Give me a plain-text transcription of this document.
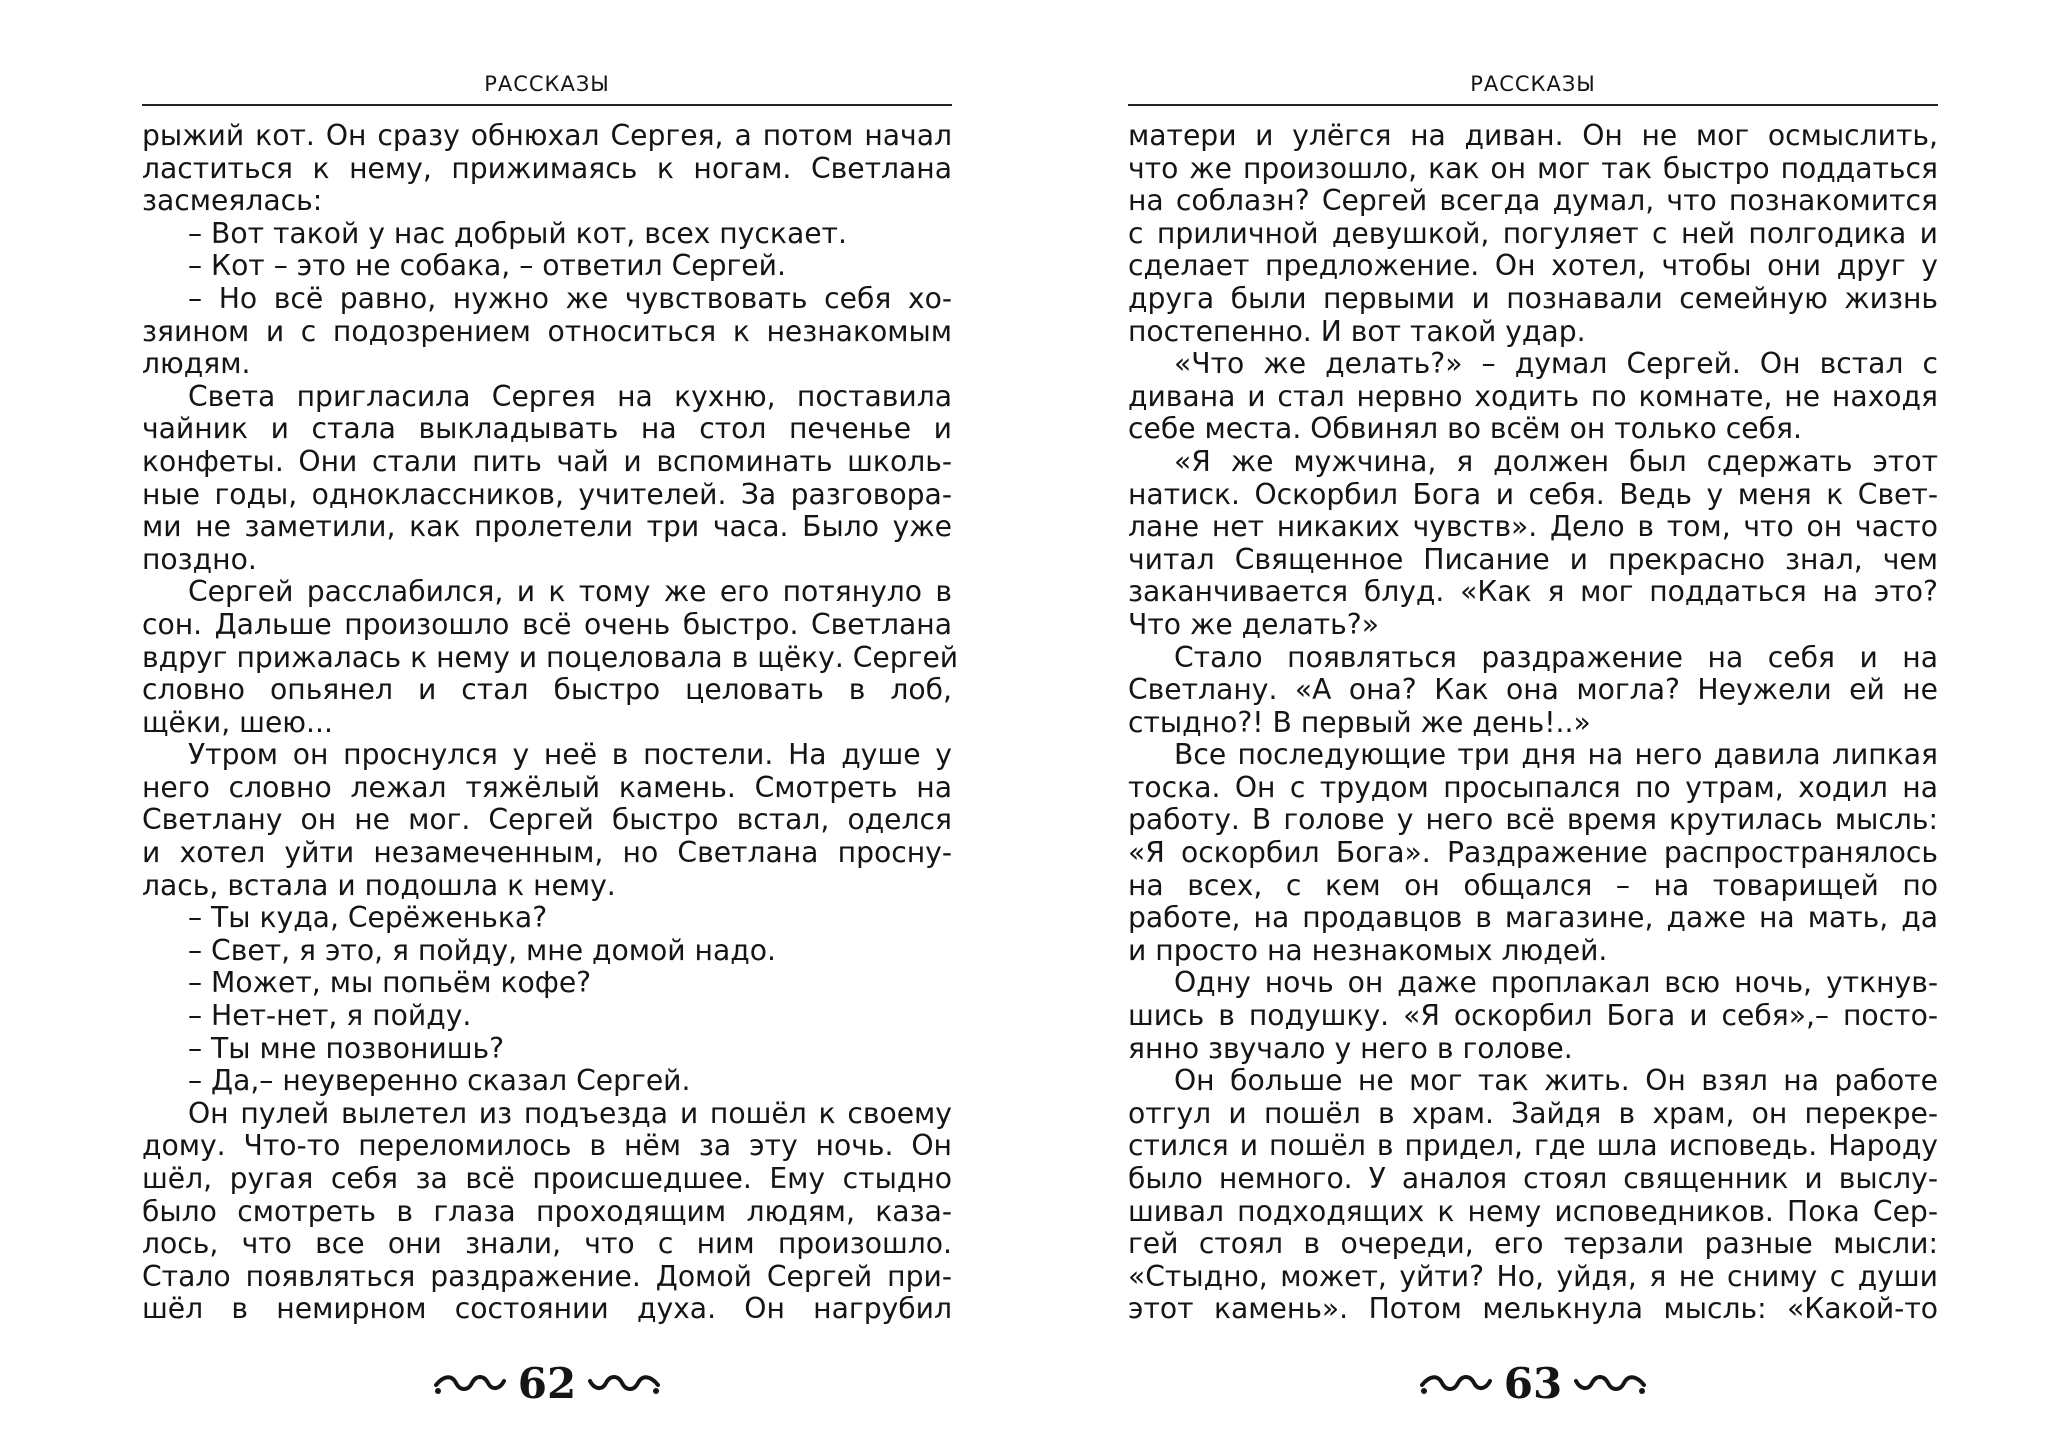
РАССКАЗЫ
рыжий кот. Он сразу обнюхал Сергея, а потом начал
ластиться к нему, прижимаясь к ногам. Светлана
засмеялась:
– Вот такой у нас добрый кот, всех пускает.
– Кот – это не собака, – ответил Сергей.
– Но всё равно, нужно же чувствовать себя хо-
зяином и с подозрением относиться к незнакомым
людям.
Света пригласила Сергея на кухню, поставила
чайник и стала выкладывать на стол печенье и
конфеты. Они стали пить чай и вспоминать школь-
ные годы, одноклассников, учителей. За разговора-
ми не заметили, как пролетели три часа. Было уже
поздно.
Сергей расслабился, и к тому же его потянуло в
сон. Дальше произошло всё очень быстро. Светлана
вдруг прижалась к нему и поцеловала в щёку. Сергей
словно опьянел и стал быстро целовать в лоб,
щёки, шею...
Утром он проснулся у неё в постели. На душе у
него словно лежал тяжёлый камень. Смотреть на
Светлану он не мог. Сергей быстро встал, оделся
и хотел уйти незамеченным, но Светлана просну-
лась, встала и подошла к нему.
– Ты куда, Серёженька?
– Свет, я это, я пойду, мне домой надо.
– Может, мы попьём кофе?
– Нет-нет, я пойду.
– Ты мне позвонишь?
– Да,– неуверенно сказал Сергей.
Он пулей вылетел из подъезда и пошёл к своему
дому. Что-то переломилось в нём за эту ночь. Он
шёл, ругая себя за всё происшедшее. Ему стыдно
было смотреть в глаза проходящим людям, каза-
лось, что все они знали, что с ним произошло.
Стало появляться раздражение. Домой Сергей при-
шёл в немирном состоянии духа. Он нагрубил
62
РАССКАЗЫ
матери и улёгся на диван. Он не мог осмыслить,
что же произошло, как он мог так быстро поддаться
на соблазн? Сергей всегда думал, что познакомится
с приличной девушкой, погуляет с ней полгодика и
сделает предложение. Он хотел, чтобы они друг у
друга были первыми и познавали семейную жизнь
постепенно. И вот такой удар.
«Что же делать?» – думал Сергей. Он встал с
дивана и стал нервно ходить по комнате, не находя
себе места. Обвинял во всём он только себя.
«Я же мужчина, я должен был сдержать этот
натиск. Оскорбил Бога и себя. Ведь у меня к Свет-
лане нет никаких чувств». Дело в том, что он часто
читал Священное Писание и прекрасно знал, чем
заканчивается блуд. «Как я мог поддаться на это?
Что же делать?»
Стало появляться раздражение на себя и на
Светлану. «А она? Как она могла? Неужели ей не
стыдно?! В первый же день!..»
Все последующие три дня на него давила липкая
тоска. Он с трудом просыпался по утрам, ходил на
работу. В голове у него всё время крутилась мысль:
«Я оскорбил Бога». Раздражение распространялось
на всех, с кем он общался – на товарищей по
работе, на продавцов в магазине, даже на мать, да
и просто на незнакомых людей.
Одну ночь он даже проплакал всю ночь, уткнув-
шись в подушку. «Я оскорбил Бога и себя»,– посто-
янно звучало у него в голове.
Он больше не мог так жить. Он взял на работе
отгул и пошёл в храм. Зайдя в храм, он перекре-
стился и пошёл в придел, где шла исповедь. Народу
было немного. У аналоя стоял священник и выслу-
шивал подходящих к нему исповедников. Пока Сер-
гей стоял в очереди, его терзали разные мысли:
«Стыдно, может, уйти? Но, уйдя, я не сниму с души
этот камень». Потом мелькнула мысль: «Какой-то
63
